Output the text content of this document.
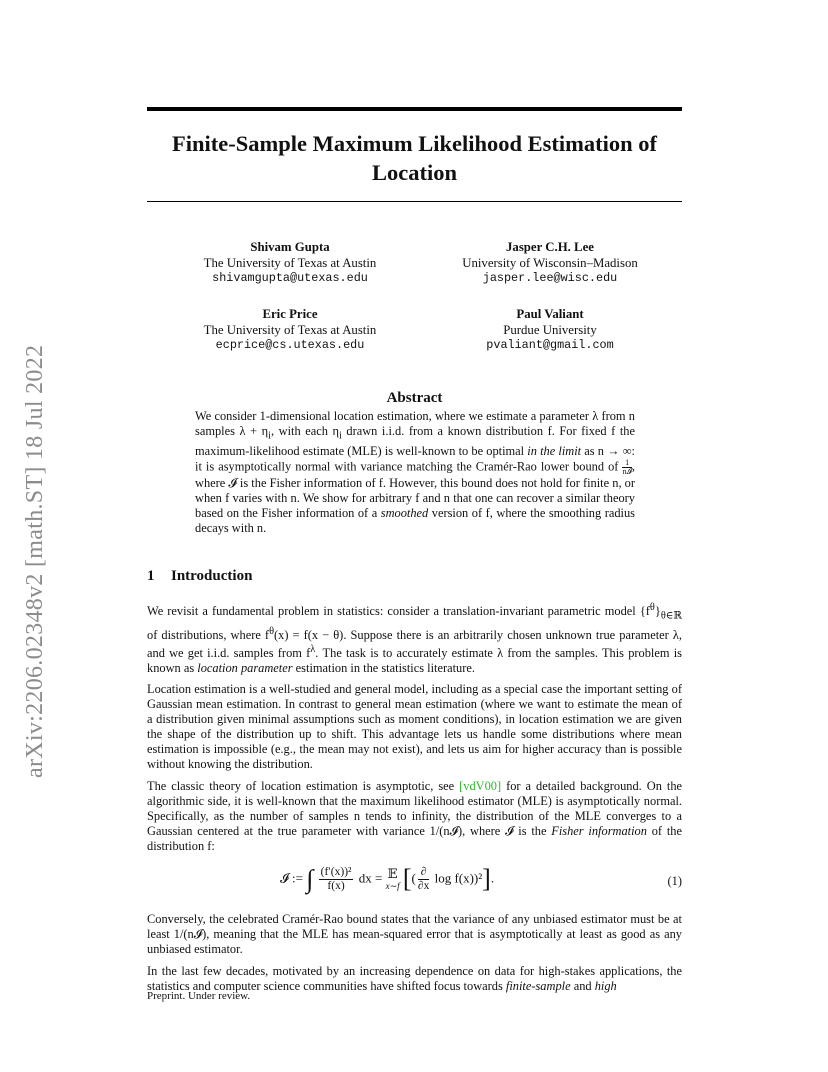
arXiv:2206.02348v2 [math.ST] 18 Jul 2022
Finite-Sample Maximum Likelihood Estimation of
Location
Shivam Gupta
The University of Texas at Austin
shivamgupta@utexas.edu
Jasper C.H. Lee
University of Wisconsin–Madison
jasper.lee@wisc.edu
Eric Price
The University of Texas at Austin
ecprice@cs.utexas.edu
Paul Valiant
Purdue University
pvaliant@gmail.com
Abstract

We consider 1-dimensional location estimation, where we estimate a parameter λ from n samples $\lambda + \eta_i$, with each $\eta_i$ drawn i.i.d. from a known distribution f. For fixed f the maximum-likelihood estimate (MLE) is well-known to be optimal in the limit as n → ∞: it is asymptotically normal with variance matching the Cramér-Rao lower bound of 1
n𝓘, where 𝓘 is the Fisher information of f. However, this bound does not hold for finite n, or when f varies with n. We show for arbitrary f and n that one can recover a similar theory based on the Fisher information of a smoothed version of f, where the smoothing radius decays with n.

1 Introduction

We revisit a fundamental problem in statistics: consider a translation-invariant parametric model $\{f^\theta\}_{\theta\in ℝ}$ of distributions, where $f^\theta(x) = f(x - \theta)$. Suppose there is an arbitrarily chosen unknown true parameter λ, and we get i.i.d. samples from $f^\lambda$. The task is to accurately estimate λ from the samples. This problem is known as location parameter estimation in the statistics literature.

Location estimation is a well-studied and general model, including as a special case the important setting of Gaussian mean estimation. In contrast to general mean estimation (where we want to estimate the mean of a distribution given minimal assumptions such as moment conditions), in location estimation we are given the shape of the distribution up to shift. This advantage lets us handle some distributions where mean estimation is impossible (e.g., the mean may not exist), and lets us aim for higher accuracy than is possible without knowing the distribution.

The classic theory of location estimation is asymptotic, see [vdV00] for a detailed background. On the algorithmic side, it is well-known that the maximum likelihood estimator (MLE) is asymptotically normal. Specifically, as the number of samples n tends to infinity, the distribution of the MLE converges to a Gaussian centered at the true parameter with variance 1/(n𝓘), where 𝓘 is the Fisher information of the distribution f:

𝓘 := ∫ $\frac{\text{(f′(x))²}}{f(x)}$ dx = 𝔼
x∼f [( $\frac{\partial}{\partial x}$ log f(x))²].	(1)

Conversely, the celebrated Cramér-Rao bound states that the variance of any unbiased estimator must be at least 1/(n𝓘), meaning that the MLE has mean-squared error that is asymptotically at least as good as any unbiased estimator.

In the last few decades, motivated by an increasing dependence on data for high-stakes applications, the statistics and computer science communities have shifted focus towards finite-sample and high

Preprint. Under review.
